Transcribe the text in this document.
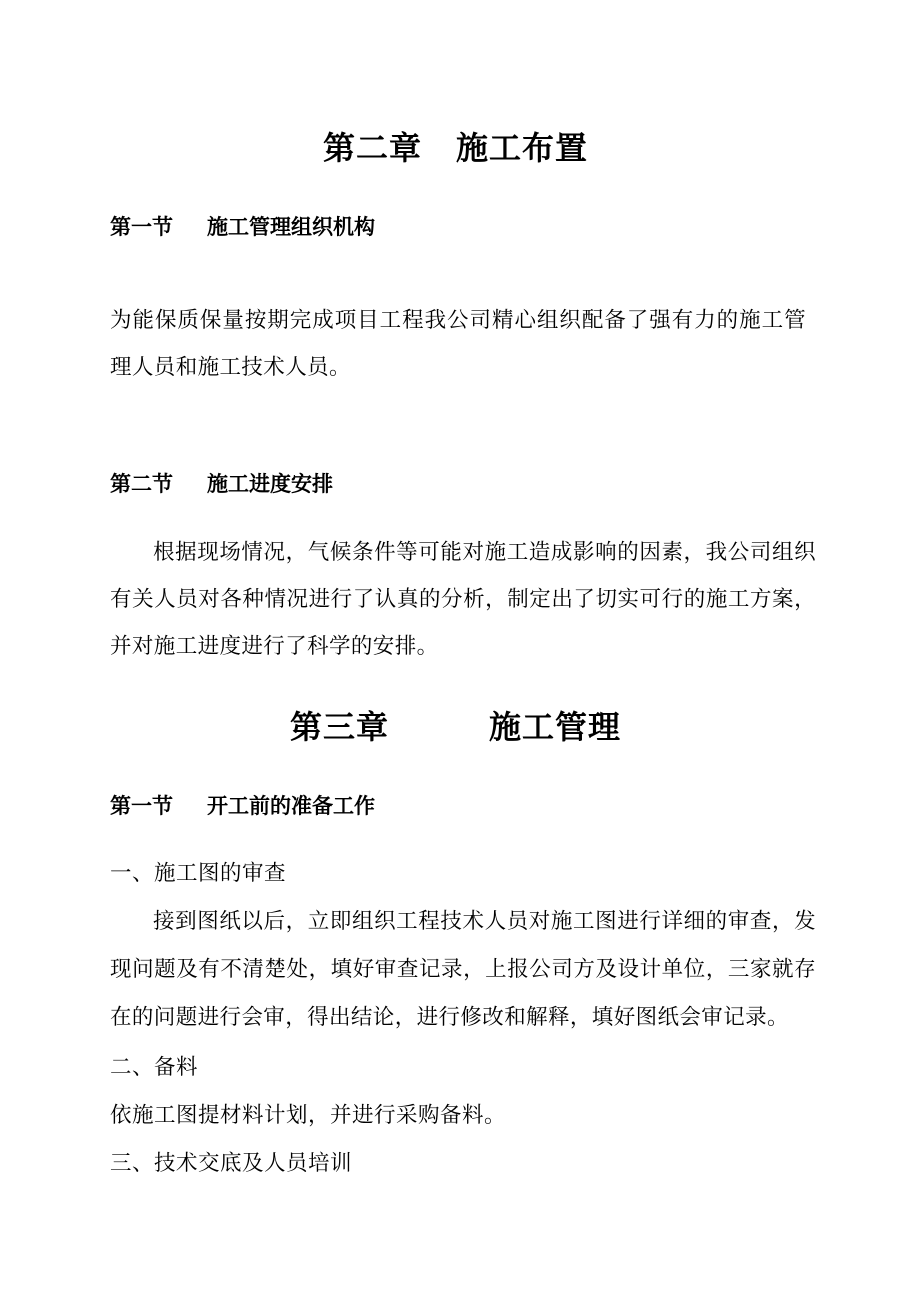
第二章 施工布置
第一节 施工管理组织机构

为能保质保量按期完成项目工程我公司精心组织配备了强有力的施工管理人员和施工技术人员。

第二节 施工进度安排

根据现场情况，气候条件等可能对施工造成影响的因素，我公司组织有关人员对各种情况进行了认真的分析，制定出了切实可行的施工方案，并对施工进度进行了科学的安排。

第三章	施工管理
第一节 开工前的准备工作
一、施工图的审查

接到图纸以后，立即组织工程技术人员对施工图进行详细的审查，发现问题及有不清楚处，填好审查记录，上报公司方及设计单位，三家就存在的问题进行会审，得出结论，进行修改和解释，填好图纸会审记录。

二、备料
依施工图提材料计划，并进行采购备料。
三、技术交底及人员培训
